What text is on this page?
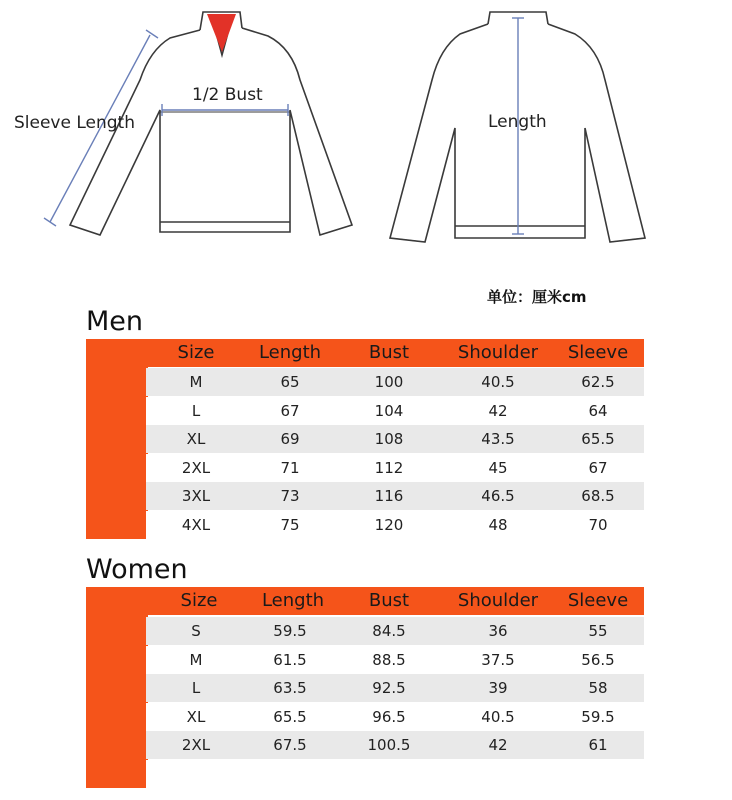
Sleeve Length
1/2 Bust
Length
单位：厘米cm
Men
Size	Length	Bust	Shoulder	Sleeve
M	65	100	40.5	62.5
L	67	104	42	64
XL	69	108	43.5	65.5
2XL	71	112	45	67
3XL	73	116	46.5	68.5
4XL	75	120	48	70
Women
Size	Length	Bust	Shoulder	Sleeve
S	59.5	84.5	36	55
M	61.5	88.5	37.5	56.5
L	63.5	92.5	39	58
XL	65.5	96.5	40.5	59.5
2XL	67.5	100.5	42	61
